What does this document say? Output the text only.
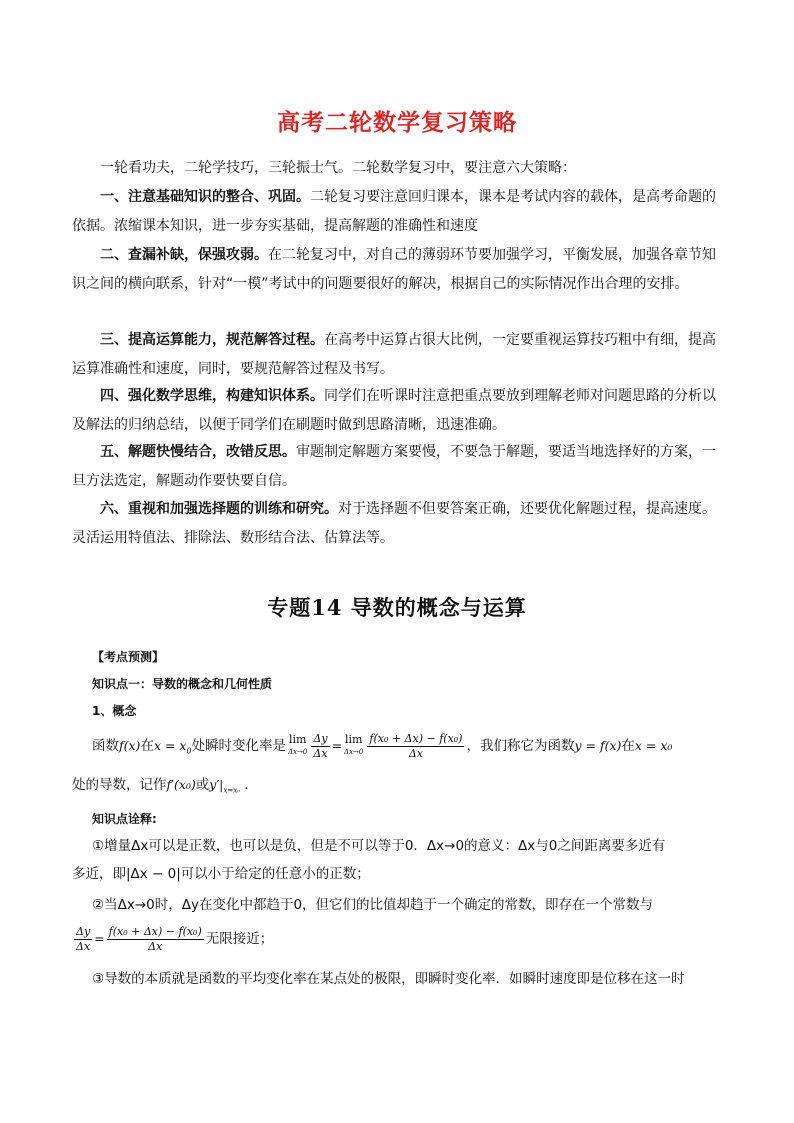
高考二轮数学复习策略
一轮看功夫，二轮学技巧，三轮振士气。二轮数学复习中，要注意六大策略：
一、注意基础知识的整合、巩固。二轮复习要注意回归课本，课本是考试内容的载体，是高考命题的依据。浓缩课本知识，进一步夯实基础，提高解题的准确性和速度
二、查漏补缺，保强攻弱。在二轮复习中，对自己的薄弱环节要加强学习，平衡发展，加强各章节知识之间的横向联系，针对“一模”考试中的问题要很好的解决，根据自己的实际情况作出合理的安排。
三、提高运算能力，规范解答过程。在高考中运算占很大比例，一定要重视运算技巧粗中有细，提高运算准确性和速度，同时，要规范解答过程及书写。
四、强化数学思维，构建知识体系。同学们在听课时注意把重点要放到理解老师对问题思路的分析以及解法的归纳总结，以便于同学们在刷题时做到思路清晰，迅速准确。
五、解题快慢结合，改错反思。审题制定解题方案要慢，不要急于解题，要适当地选择好的方案，一旦方法选定，解题动作要快要自信。
六、重视和加强选择题的训练和研究。对于选择题不但要答案正确，还要优化解题过程，提高速度。灵活运用特值法、排除法、数形结合法、估算法等。
专题14 导数的概念与运算
【考点预测】
知识点一：导数的概念和几何性质
1、概念
函数f(x)在$x = x_0$处瞬时变化率是 lim
$\Delta x\to 0 \frac{\Delta y}{\Delta x} = \lim$
$\Delta x\to 0 \frac{\text{f(x₀ + Δx) − f(x₀)}}{\Delta x}$ ，我们称它为函数y = f(x)在x = x₀
处的导数，记作f′(x₀)或$y'|_{x=x_0}$ .
知识点诠释:
①增量Δx可以是正数，也可以是负，但是不可以等于0．Δx→0的意义：Δx与0之间距离要多近有
多近，即|Δx − 0|可以小于给定的任意小的正数；
②当Δx→0时，Δy在变化中都趋于0，但它们的比值却趋于一个确定的常数，即存在一个常数与
$\frac{\Delta y}{\Delta x} = \frac{\text{f(x₀ + Δx) − f(x₀)}}{\Delta x}$ 无限接近；
③导数的本质就是函数的平均变化率在某点处的极限，即瞬时变化率．如瞬时速度即是位移在这一时
